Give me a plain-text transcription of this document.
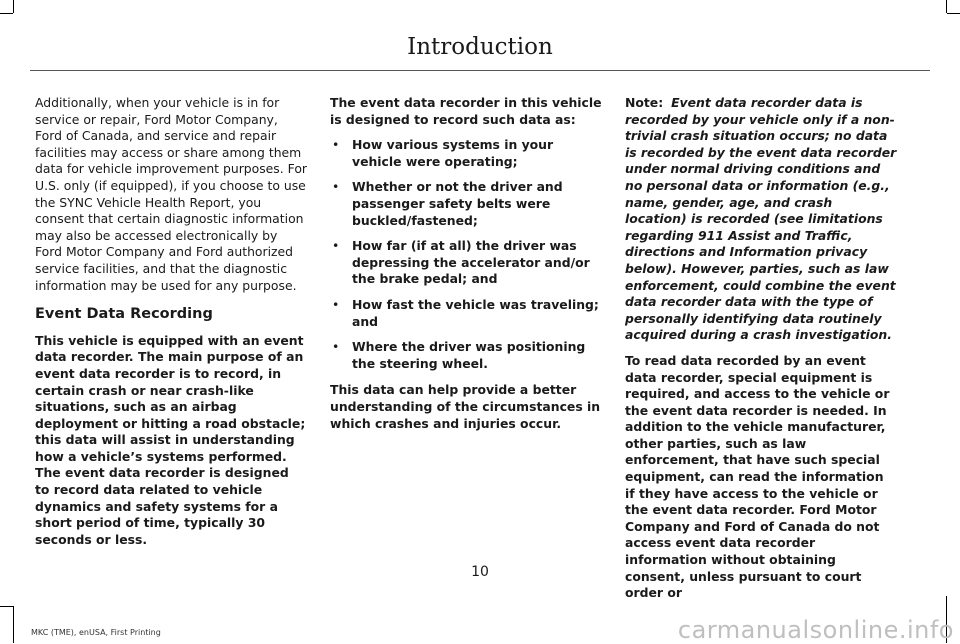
Introduction

Additionally, when your vehicle is in for service or repair, Ford Motor Company, Ford of Canada, and service and repair facilities may access or share among them data for vehicle improvement purposes. For U.S. only (if equipped), if you choose to use the SYNC Vehicle Health Report, you consent that certain diagnostic information may also be accessed electronically by Ford Motor Company and Ford authorized service facilities, and that the diagnostic information may be used for any purpose.

Event Data Recording

This vehicle is equipped with an event data recorder. The main purpose of an event data recorder is to record, in certain crash or near crash-like situations, such as an airbag deployment or hitting a road obstacle; this data will assist in understanding how a vehicle’s systems performed. The event data recorder is designed to record data related to vehicle dynamics and safety systems for a short period of time, typically 30 seconds or less.

The event data recorder in this vehicle is designed to record such data as:

• How various systems in your vehicle were operating;
• Whether or not the driver and passenger safety belts were buckled/fastened;
• How far (if at all) the driver was depressing the accelerator and/or the brake pedal; and
• How fast the vehicle was traveling; and
• Where the driver was positioning the steering wheel.

This data can help provide a better understanding of the circumstances in which crashes and injuries occur.

Note: Event data recorder data is recorded by your vehicle only if a non-trivial crash situation occurs; no data is recorded by the event data recorder under normal driving conditions and no personal data or information (e.g., name, gender, age, and crash location) is recorded (see limitations regarding 911 Assist and Traffic, directions and Information privacy below). However, parties, such as law enforcement, could combine the event data recorder data with the type of personally identifying data routinely acquired during a crash investigation.

To read data recorded by an event data recorder, special equipment is required, and access to the vehicle or the event data recorder is needed. In addition to the vehicle manufacturer, other parties, such as law enforcement, that have such special equipment, can read the information if they have access to the vehicle or the event data recorder. Ford Motor Company and Ford of Canada do not access event data recorder information without obtaining consent, unless pursuant to court order or

10
MKC (TME), enUSA, First Printing	carmanualsonline.info
